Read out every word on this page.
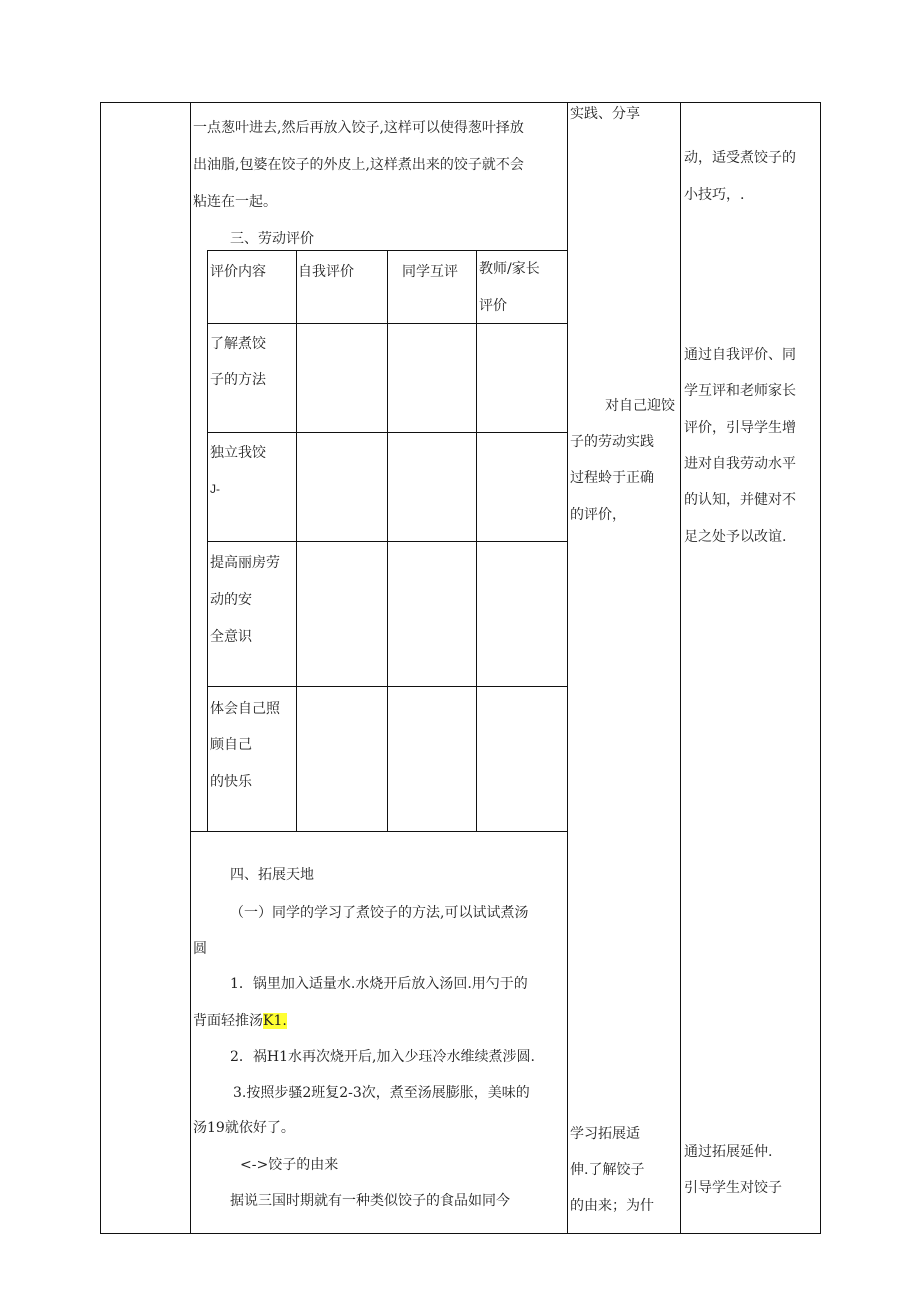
一点葱叶进去,然后再放入饺子,这样可以使得葱叶择放
出油脂,包婆在饺子的外皮上,这样煮出来的饺子就不会
粘连在一起。
三、劳动评价
评价内容 自我评价	同学互评 教师/家长
评价
了解煮饺
子的方法
独立我饺
J-
提高丽房劳
动的安
全意识
体会自己照
顾自己
的快乐
四、拓展天地
（一）同学的学习了煮饺子的方法,可以试试煮汤
圆
1．锅里加入适量水.水烧开后放入汤回.用勺于的
背面轻推汤K1.
2．祸H1水再次烧开后,加入少珏冷水维续煮涉圆.
3.按照步骚2班复2-3次，煮至汤展膨胀，美味的
汤19就依好了。
<->饺子的由来
据说三国时期就有一种类似饺子的食品如同今
实践、分享
对自己迎饺
子的劳动实践
过程蛉于正确
的评价，
学习拓展适
伸.了解饺子
的由来；为什
动，适受煮饺子的
小技巧，.
通过自我评价、同
学互评和老师家长
评价，引导学生增
进对自我劳动水平
的认知，并健对不
足之处予以改谊.
通过拓展延仲.
引导学生对饺子
